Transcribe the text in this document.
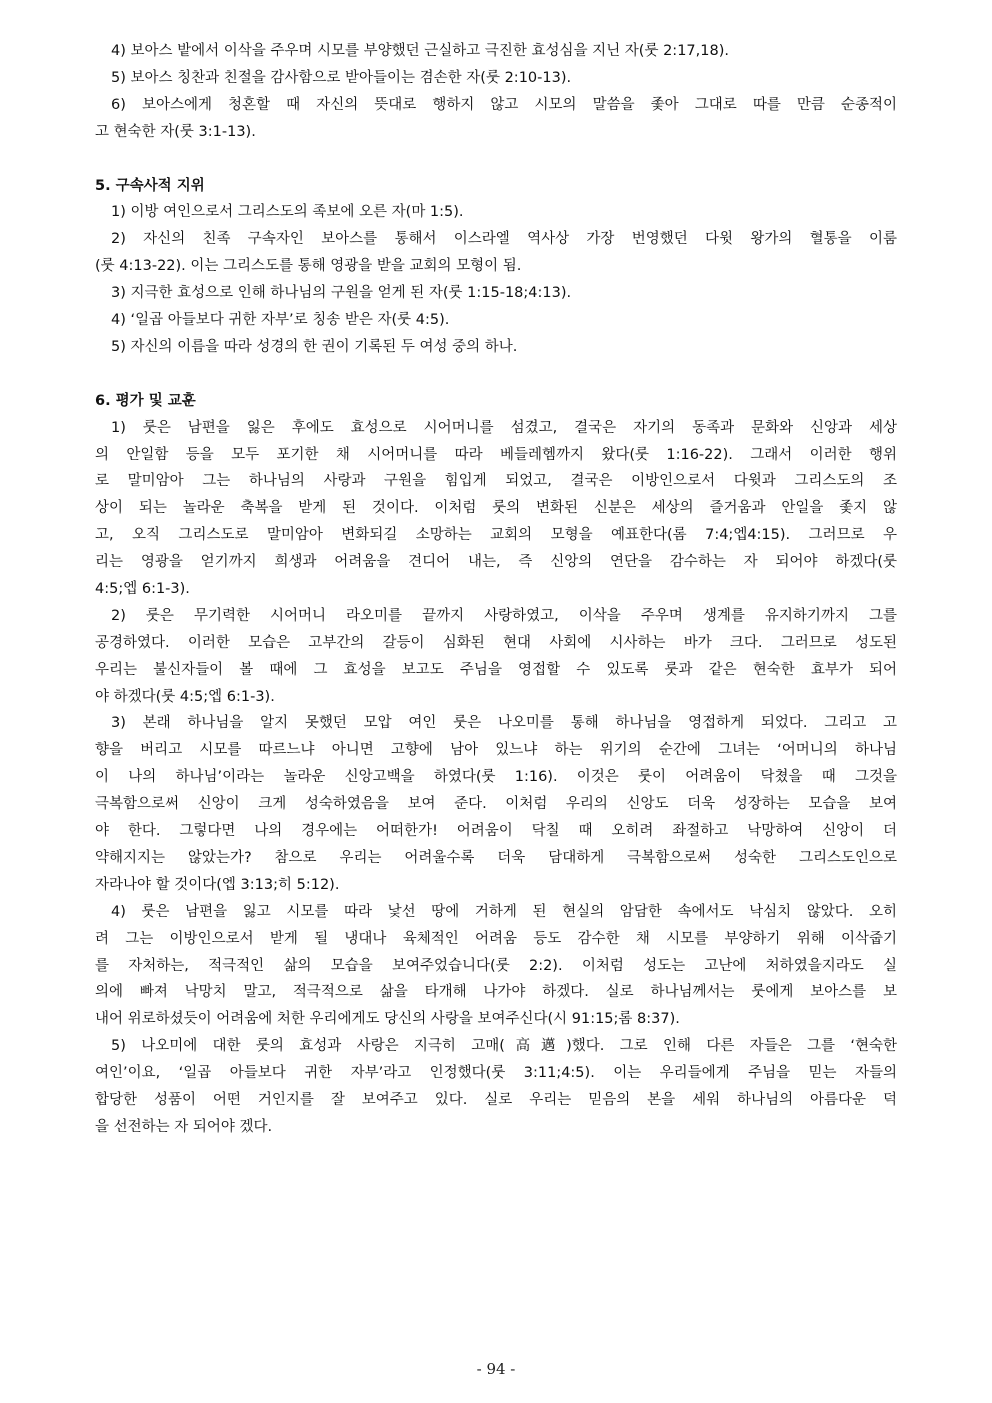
4) 보아스 밭에서 이삭을 주우며 시모를 부양했던 근실하고 극진한 효성심을 지닌 자(룻 2:17,18).
5) 보아스 칭찬과 친절을 감사함으로 받아들이는 겸손한 자(룻 2:10-13).
6) 보아스에게 청혼할 때 자신의 뜻대로 행하지 않고 시모의 말씀을 좇아 그대로 따를 만큼 순종적이
고 현숙한 자(룻 3:1-13).
5. 구속사적 지위
1) 이방 여인으로서 그리스도의 족보에 오른 자(마 1:5).
2) 자신의 친족 구속자인 보아스를 통해서 이스라엘 역사상 가장 번영했던 다윗 왕가의 혈통을 이룸
(룻 4:13-22). 이는 그리스도를 통해 영광을 받을 교회의 모형이 됨.
3) 지극한 효성으로 인해 하나님의 구원을 얻게 된 자(룻 1:15-18;4:13).
4) ‘일곱 아들보다 귀한 자부’로 칭송 받은 자(룻 4:5).
5) 자신의 이름을 따라 성경의 한 권이 기록된 두 여성 중의 하나.
6. 평가 및 교훈
1) 룻은 남편을 잃은 후에도 효성으로 시어머니를 섬겼고, 결국은 자기의 동족과 문화와 신앙과 세상
의 안일함 등을 모두 포기한 채 시어머니를 따라 베들레헴까지 왔다(룻 1:16-22). 그래서 이러한 행위
로 말미암아 그는 하나님의 사랑과 구원을 힘입게 되었고, 결국은 이방인으로서 다윗과 그리스도의 조
상이 되는 놀라운 축복을 받게 된 것이다. 이처럼 룻의 변화된 신분은 세상의 즐거움과 안일을 좇지 않
고, 오직 그리스도로 말미암아 변화되길 소망하는 교회의 모형을 예표한다(롬 7:4;엡4:15). 그러므로 우
리는 영광을 얻기까지 희생과 어려움을 견디어 내는, 즉 신앙의 연단을 감수하는 자 되어야 하겠다(룻
4:5;엡 6:1-3).
2) 룻은 무기력한 시어머니 라오미를 끝까지 사랑하였고, 이삭을 주우며 생계를 유지하기까지 그를
공경하였다. 이러한 모습은 고부간의 갈등이 심화된 현대 사회에 시사하는 바가 크다. 그러므로 성도된
우리는 불신자들이 볼 때에 그 효성을 보고도 주님을 영접할 수 있도록 룻과 같은 현숙한 효부가 되어
야 하겠다(룻 4:5;엡 6:1-3).
3) 본래 하나님을 알지 못했던 모압 여인 룻은 나오미를 통해 하나님을 영접하게 되었다. 그리고 고
향을 버리고 시모를 따르느냐 아니면 고향에 남아 있느냐 하는 위기의 순간에 그녀는 ‘어머니의 하나님
이 나의 하나님’이라는 놀라운 신앙고백을 하였다(룻 1:16). 이것은 룻이 어려움이 닥쳤을 때 그것을
극복함으로써 신앙이 크게 성숙하였음을 보여 준다. 이처럼 우리의 신앙도 더욱 성장하는 모습을 보여
야 한다. 그렇다면 나의 경우에는 어떠한가! 어려움이 닥칠 때 오히려 좌절하고 낙망하여 신앙이 더
약해지지는 않았는가? 참으로 우리는 어려울수록 더욱 담대하게 극복함으로써 성숙한 그리스도인으로
자라나야 할 것이다(엡 3:13;히 5:12).
4) 룻은 남편을 잃고 시모를 따라 낯선 땅에 거하게 된 현실의 암담한 속에서도 낙심치 않았다. 오히
려 그는 이방인으로서 받게 될 냉대나 육체적인 어려움 등도 감수한 채 시모를 부양하기 위해 이삭줍기
를 자처하는, 적극적인 삶의 모습을 보여주었습니다(룻 2:2). 이처럼 성도는 고난에 처하였을지라도 실
의에 빠져 낙망치 말고, 적극적으로 삶을 타개해 나가야 하겠다. 실로 하나님께서는 룻에게 보아스를 보
내어 위로하셨듯이 어려움에 처한 우리에게도 당신의 사랑을 보여주신다(시 91:15;롬 8:37).
5) 나오미에 대한 룻의 효성과 사랑은 지극히 고매(高邁)했다. 그로 인해 다른 자들은 그를 ‘현숙한
여인’이요, ‘일곱 아들보다 귀한 자부’라고 인정했다(룻 3:11;4:5). 이는 우리들에게 주님을 믿는 자들의
합당한 성품이 어떤 거인지를 잘 보여주고 있다. 실로 우리는 믿음의 본을 세워 하나님의 아름다운 덕
을 선전하는 자 되어야 겠다.
- 94 -
